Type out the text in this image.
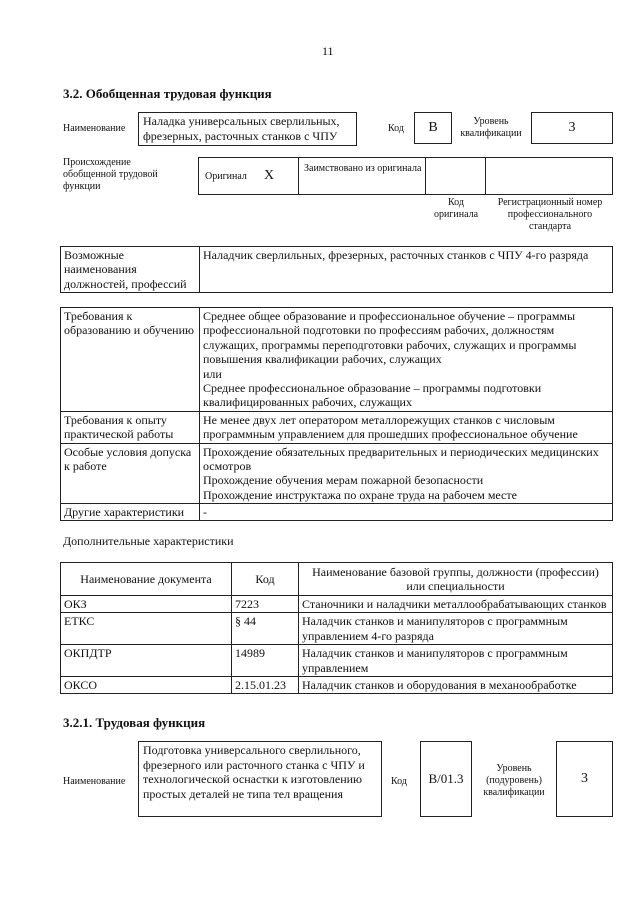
11
3.2. Обобщенная трудовая функция
Наименование
Наладка универсальных сверлильных, фрезерных, расточных станков с ЧПУ
Код	B	Уровень квалификации	3
Происхождение обобщенной трудовой функции
Оригинал X	Заимствовано из оригинала
Код оригинала
Регистрационный номер профессионального стандарта
Возможные наименования должностей, профессий	Наладчик сверлильных, фрезерных, расточных станков с ЧПУ 4-го разряда
Требования к образованию и обучению	Среднее общее образование и профессиональное обучение – программы профессиональной подготовки по профессиям рабочих, должностям служащих, программы переподготовки рабочих, служащих и программы повышения квалификации рабочих, служащих
или
Среднее профессиональное образование – программы подготовки квалифицированных рабочих, служащих

Требования к опыту практической работы	Не менее двух лет оператором металлорежущих станков с числовым программным управлением для прошедших профессиональное обучение

Особые условия допуска к работе	Прохождение обязательных предварительных и периодических медицинских осмотров
Прохождение обучения мерам пожарной безопасности
Прохождение инструктажа по охране труда на рабочем месте

Другие характеристики	-
Дополнительные характеристики
Наименование документа	Код	Наименование базовой группы, должности (профессии) или специальности
ОКЗ	7223	Станочники и наладчики металлообрабатывающих станков
ЕТКС	§ 44	Наладчик станков и манипуляторов с программным управлением 4-го разряда
ОКПДТР	14989	Наладчик станков и манипуляторов с программным управлением
ОКСО	2.15.01.23	Наладчик станков и оборудования в механообработке
3.2.1. Трудовая функция
Наименование
Подготовка универсального сверлильного, фрезерного или расточного станка с ЧПУ и технологической оснастки к изготовлению простых деталей не типа тел вращения
Код	B/01.3
Уровень (подуровень) квалификации
3
